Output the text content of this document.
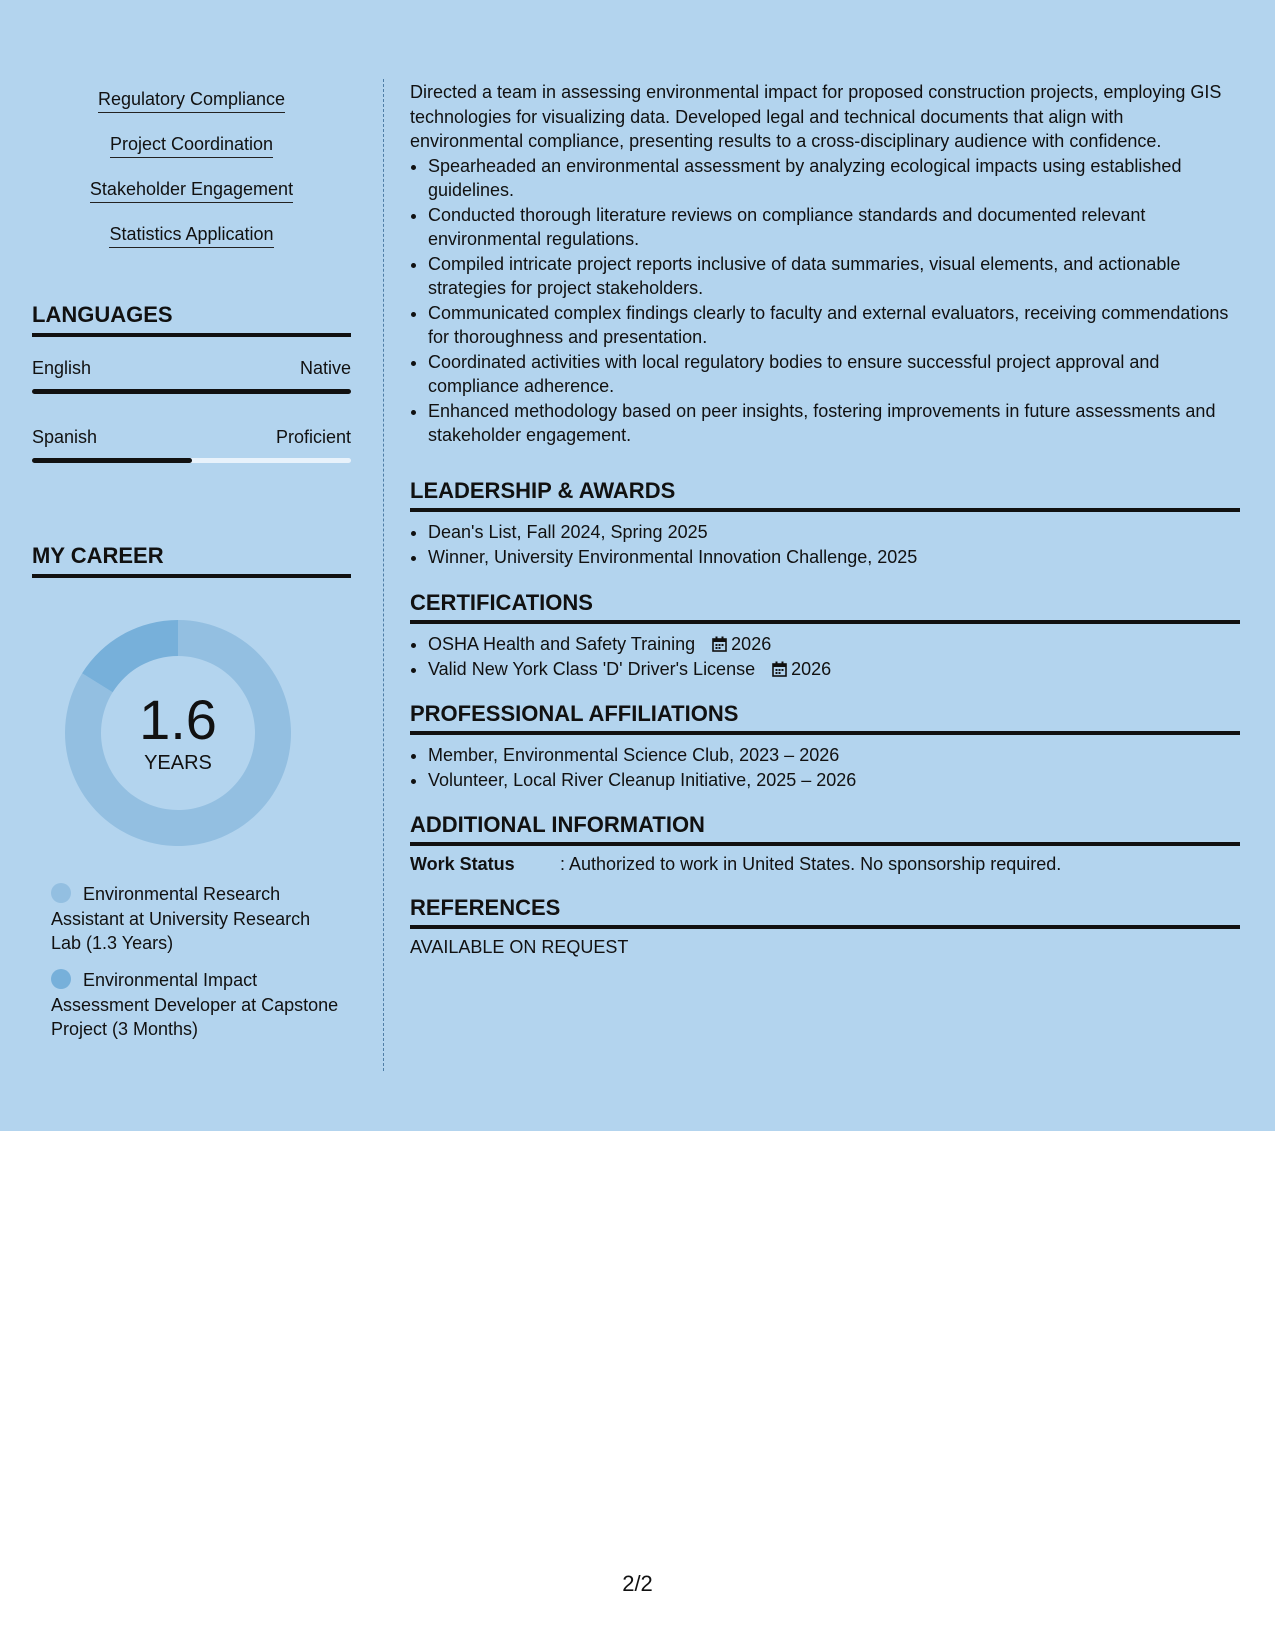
Regulatory Compliance
Project Coordination
Stakeholder Engagement
Statistics Application
LANGUAGES
English	Native
Spanish	Proficient
MY CAREER
1.6
YEARS
Environmental Research Assistant at University Research Lab (1.3 Years)
Environmental Impact Assessment Developer at Capstone Project (3 Months)
Directed a team in assessing environmental impact for proposed construction projects, employing GIS technologies for visualizing data. Developed legal and technical documents that align with environmental compliance, presenting results to a cross-disciplinary audience with confidence.
• Spearheaded an environmental assessment by analyzing ecological impacts using established guidelines.
• Conducted thorough literature reviews on compliance standards and documented relevant environmental regulations.
• Compiled intricate project reports inclusive of data summaries, visual elements, and actionable strategies for project stakeholders.
• Communicated complex findings clearly to faculty and external evaluators, receiving commendations for thoroughness and presentation.
• Coordinated activities with local regulatory bodies to ensure successful project approval and compliance adherence.
• Enhanced methodology based on peer insights, fostering improvements in future assessments and stakeholder engagement.
LEADERSHIP & AWARDS
• Dean's List, Fall 2024, Spring 2025
• Winner, University Environmental Innovation Challenge, 2025
CERTIFICATIONS
• OSHA Health and Safety Training 2026
• Valid New York Class 'D' Driver's License 2026
PROFESSIONAL AFFILIATIONS
• Member, Environmental Science Club, 2023 – 2026
• Volunteer, Local River Cleanup Initiative, 2025 – 2026
ADDITIONAL INFORMATION
Work Status	: Authorized to work in United States. No sponsorship required.
REFERENCES
AVAILABLE ON REQUEST
2/2
